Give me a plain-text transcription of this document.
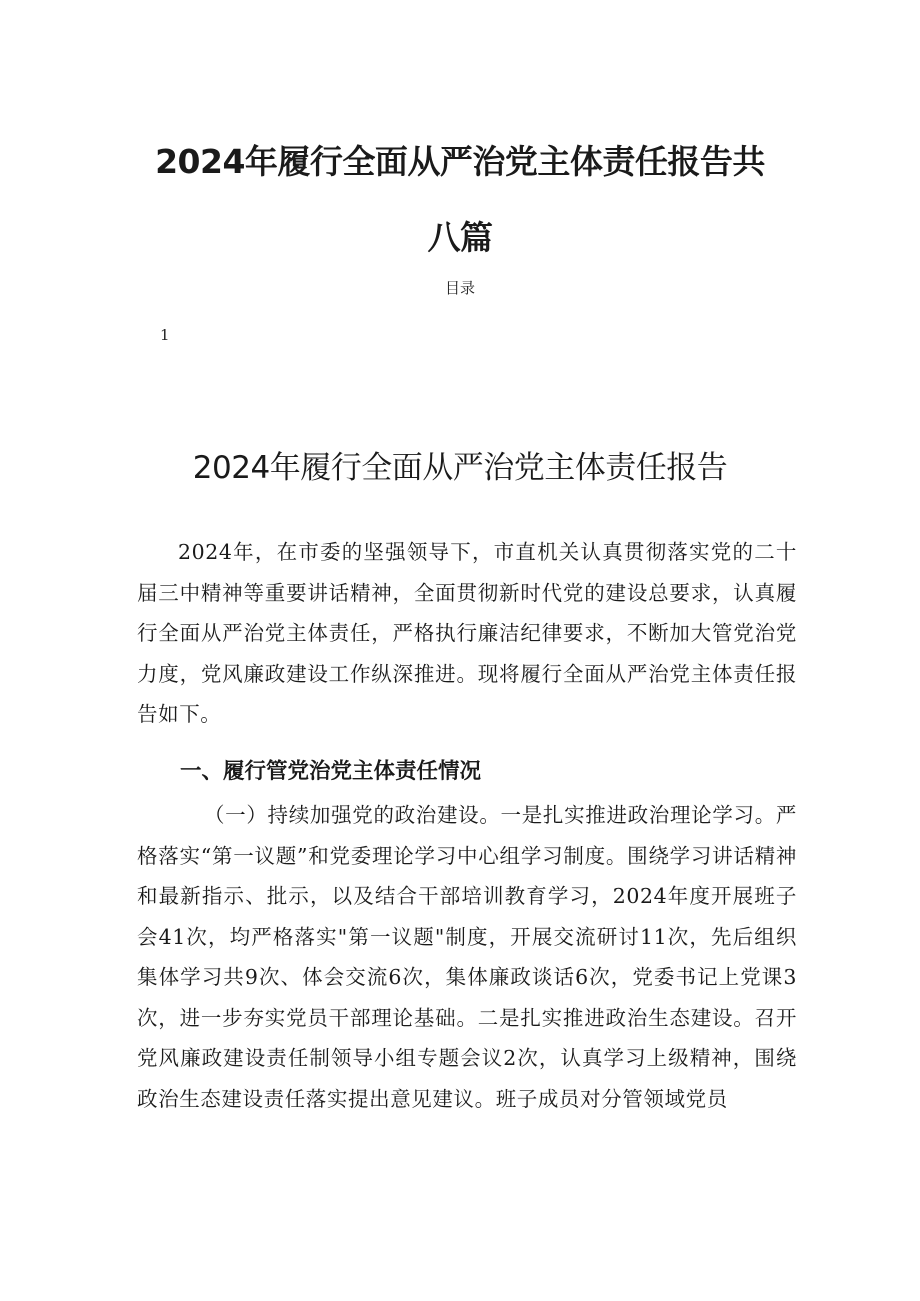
2024年履行全面从严治党主体责任报告共
八篇
目录
1
2024年履行全面从严治党主体责任报告

2024年，在市委的坚强领导下，市直机关认真贯彻落实党的二十届三中精神等重要讲话精神，全面贯彻新时代党的建设总要求，认真履行全面从严治党主体责任，严格执行廉洁纪律要求，不断加大管党治党力度，党风廉政建设工作纵深推进。现将履行全面从严治党主体责任报告如下。

一、履行管党治党主体责任情况

（一）持续加强党的政治建设。一是扎实推进政治理论学习。严格落实“第一议题”和党委理论学习中心组学习制度。围绕学习讲话精神和最新指示、批示，以及结合干部培训教育学习，2024年度开展班子会41次，均严格落实"第一议题"制度，开展交流研讨11次，先后组织集体学习共9次、体会交流6次，集体廉政谈话6次，党委书记上党课3次，进一步夯实党员干部理论基础。二是扎实推进政治生态建设。召开党风廉政建设责任制领导小组专题会议2次，认真学习上级精神，围绕政治生态建设责任落实提出意见建议。班子成员对分管领域党员
